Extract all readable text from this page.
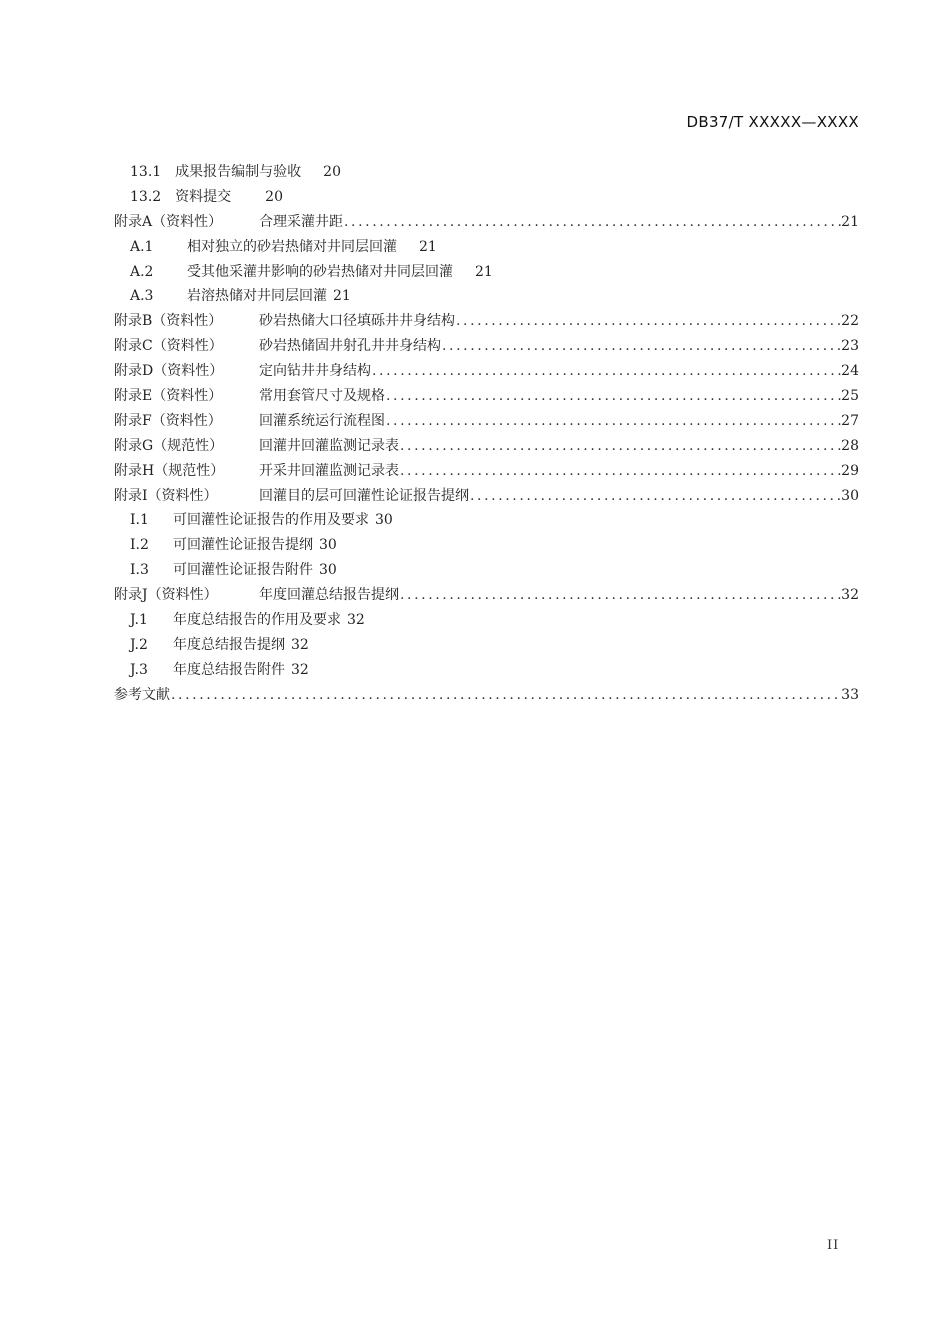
DB37/T XXXXX—XXXX
13.1 成果报告编制与验收 20
13.2 资料提交 20
附录A（资料性）	合理采灌井距 .....	21
A.1	相对独立的砂岩热储对井同层回灌 21
A.2	受其他采灌井影响的砂岩热储对井同层回灌 21
A.3	岩溶热储对井同层回灌 21
附录B（资料性）	砂岩热储大口径填砾井井身结构 .....	22
附录C（资料性）	砂岩热储固井射孔井井身结构 .....	23
附录D（资料性）	定向钻井井身结构 .....	24
附录E（资料性）	常用套管尺寸及规格 .....	25
附录F（资料性）	回灌系统运行流程图 .....	27
附录G（规范性）	回灌井回灌监测记录表 .....	28
附录H（规范性）	开采井回灌监测记录表 .....	29
附录I（资料性）	回灌目的层可回灌性论证报告提纲 .....	30
I.1	可回灌性论证报告的作用及要求 30
I.2	可回灌性论证报告提纲 30
I.3	可回灌性论证报告附件 30
附录J（资料性）	年度回灌总结报告提纲 .....	32
J.1	年度总结报告的作用及要求 32
J.2	年度总结报告提纲 32
J.3	年度总结报告附件 32
参考文献 .....	33
II
